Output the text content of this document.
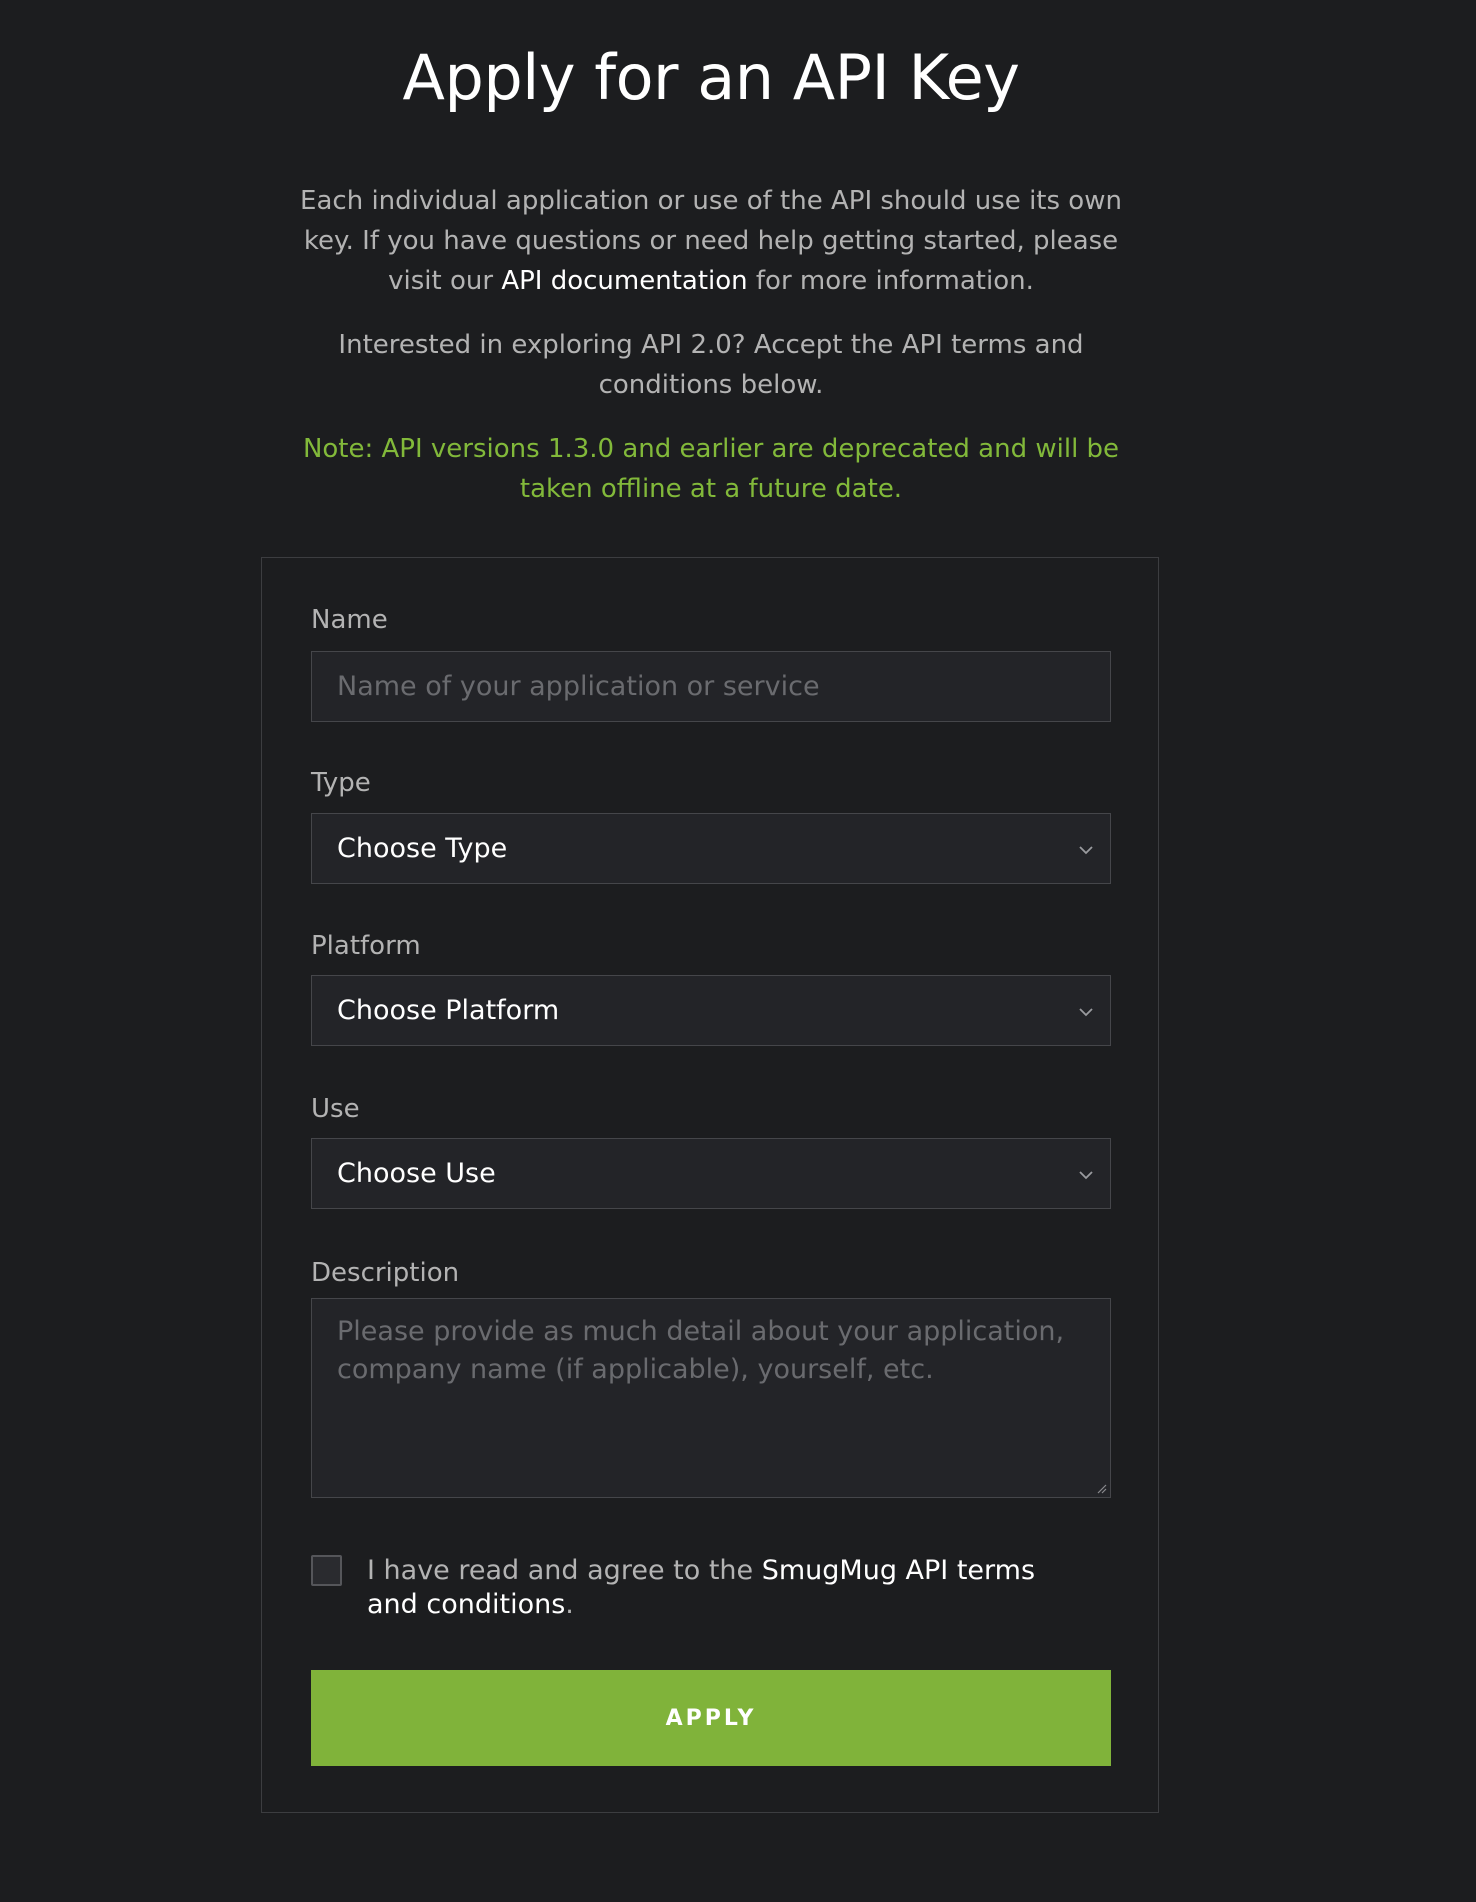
Apply for an API Key

Each individual application or use of the API should use its own key. If you have questions or need help getting started, please visit our API documentation for more information.

Interested in exploring API 2.0? Accept the API terms and conditions below.

Note: API versions 1.3.0 and earlier are deprecated and will be taken offline at a future date.

Name
Name of your application or service
Type
Choose Type
Platform
Choose Platform
Use
Choose Use
Description
Please provide as much detail about your application, company name (if applicable), yourself, etc.

I have read and agree to the SmugMug API terms and conditions.

APPLY
